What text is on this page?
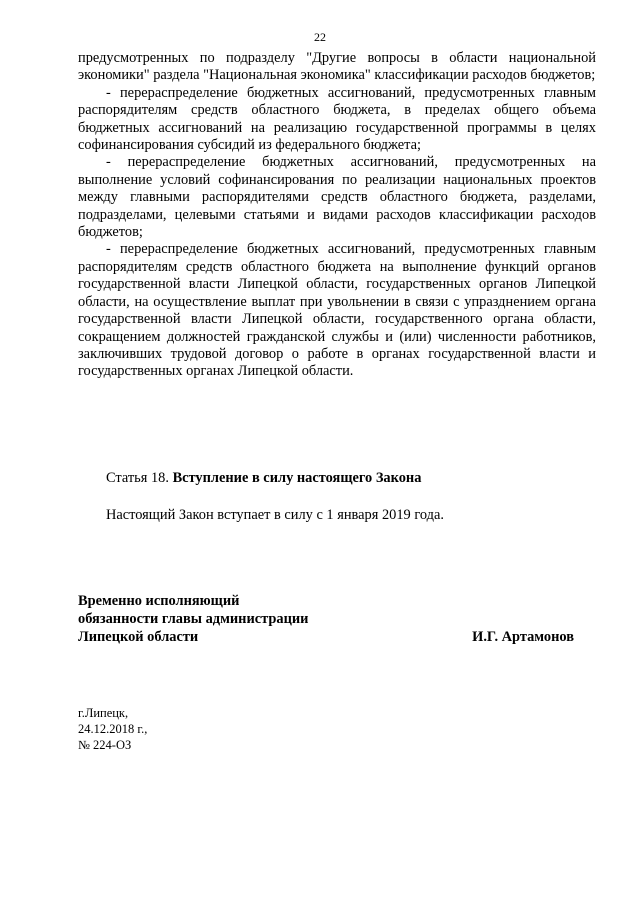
22

предусмотренных по подразделу "Другие вопросы в области национальной экономики" раздела "Национальная экономика" классификации расходов бюджетов;

- перераспределение бюджетных ассигнований, предусмотренных главным распорядителям средств областного бюджета, в пределах общего объема бюджетных ассигнований на реализацию государственной программы в целях софинансирования субсидий из федерального бюджета;

- перераспределение бюджетных ассигнований, предусмотренных на выполнение условий софинансирования по реализации национальных проектов между главными распорядителями средств областного бюджета, разделами, подразделами, целевыми статьями и видами расходов классификации расходов бюджетов;

- перераспределение бюджетных ассигнований, предусмотренных главным распорядителям средств областного бюджета на выполнение функций органов государственной власти Липецкой области, государственных органов Липецкой области, на осуществление выплат при увольнении в связи с упразднением органа государственной власти Липецкой области, государственного органа области, сокращением должностей гражданской службы и (или) численности работников, заключивших трудовой договор о работе в органах государственной власти и государственных органах Липецкой области.

Статья 18. Вступление в силу настоящего Закона
Настоящий Закон вступает в силу с 1 января 2019 года.
Временно исполняющий
обязанности главы администрации
Липецкой области	И.Г. Артамонов
г.Липецк,
24.12.2018 г.,
№ 224-ОЗ
